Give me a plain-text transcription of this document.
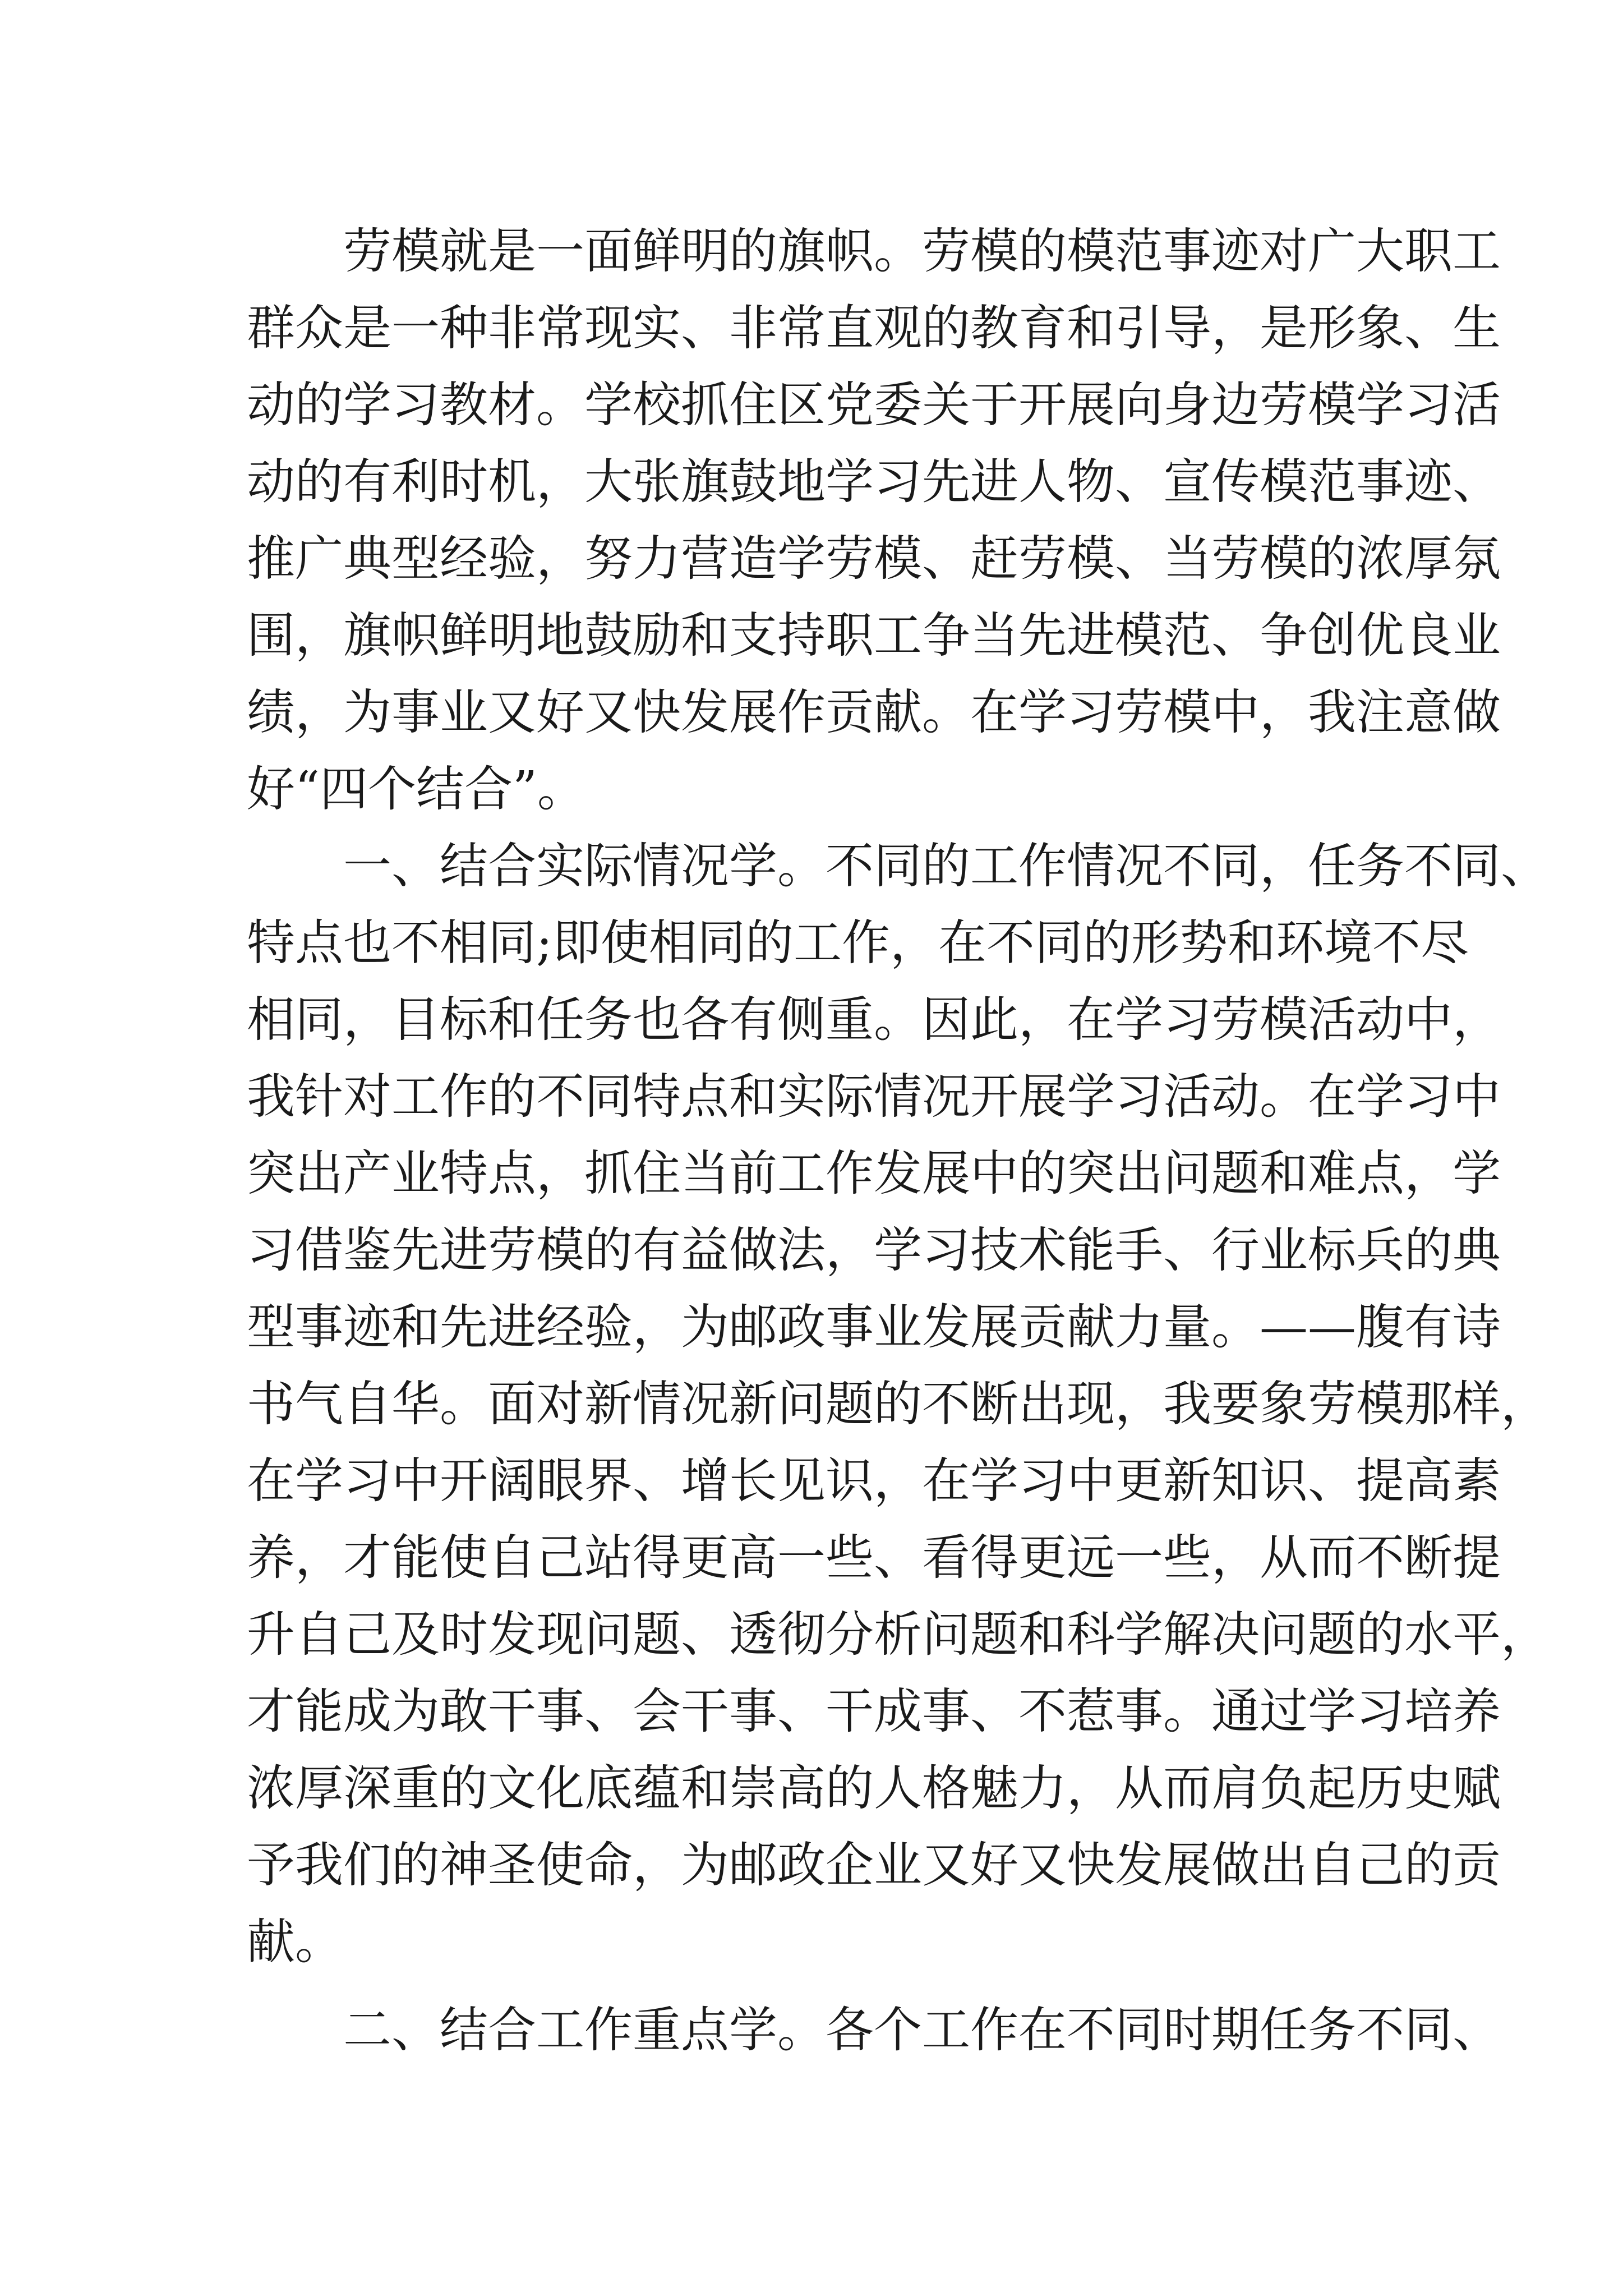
　　劳模就是一面鲜明的旗帜。劳模的模范事迹对广大职工
群众是一种非常现实、非常直观的教育和引导，是形象、生
动的学习教材。学校抓住区党委关于开展向身边劳模学习活
动的有利时机，大张旗鼓地学习先进人物、宣传模范事迹、
推广典型经验，努力营造学劳模、赶劳模、当劳模的浓厚氛
围，旗帜鲜明地鼓励和支持职工争当先进模范、争创优良业
绩，为事业又好又快发展作贡献。在学习劳模中，我注意做
好“四个结合”。
　　一、结合实际情况学。不同的工作情况不同，任务不同、
特点也不相同;即使相同的工作，在不同的形势和环境不尽
相同，目标和任务也各有侧重。因此，在学习劳模活动中，
我针对工作的不同特点和实际情况开展学习活动。在学习中
突出产业特点，抓住当前工作发展中的突出问题和难点，学
习借鉴先进劳模的有益做法，学习技术能手、行业标兵的典
型事迹和先进经验，为邮政事业发展贡献力量。——腹有诗
书气自华。面对新情况新问题的不断出现，我要象劳模那样，
在学习中开阔眼界、增长见识，在学习中更新知识、提高素
养，才能使自己站得更高一些、看得更远一些，从而不断提
升自己及时发现问题、透彻分析问题和科学解决问题的水平，
才能成为敢干事、会干事、干成事、不惹事。通过学习培养
浓厚深重的文化底蕴和崇高的人格魅力，从而肩负起历史赋
予我们的神圣使命，为邮政企业又好又快发展做出自己的贡
献。
　　二、结合工作重点学。各个工作在不同时期任务不同、
